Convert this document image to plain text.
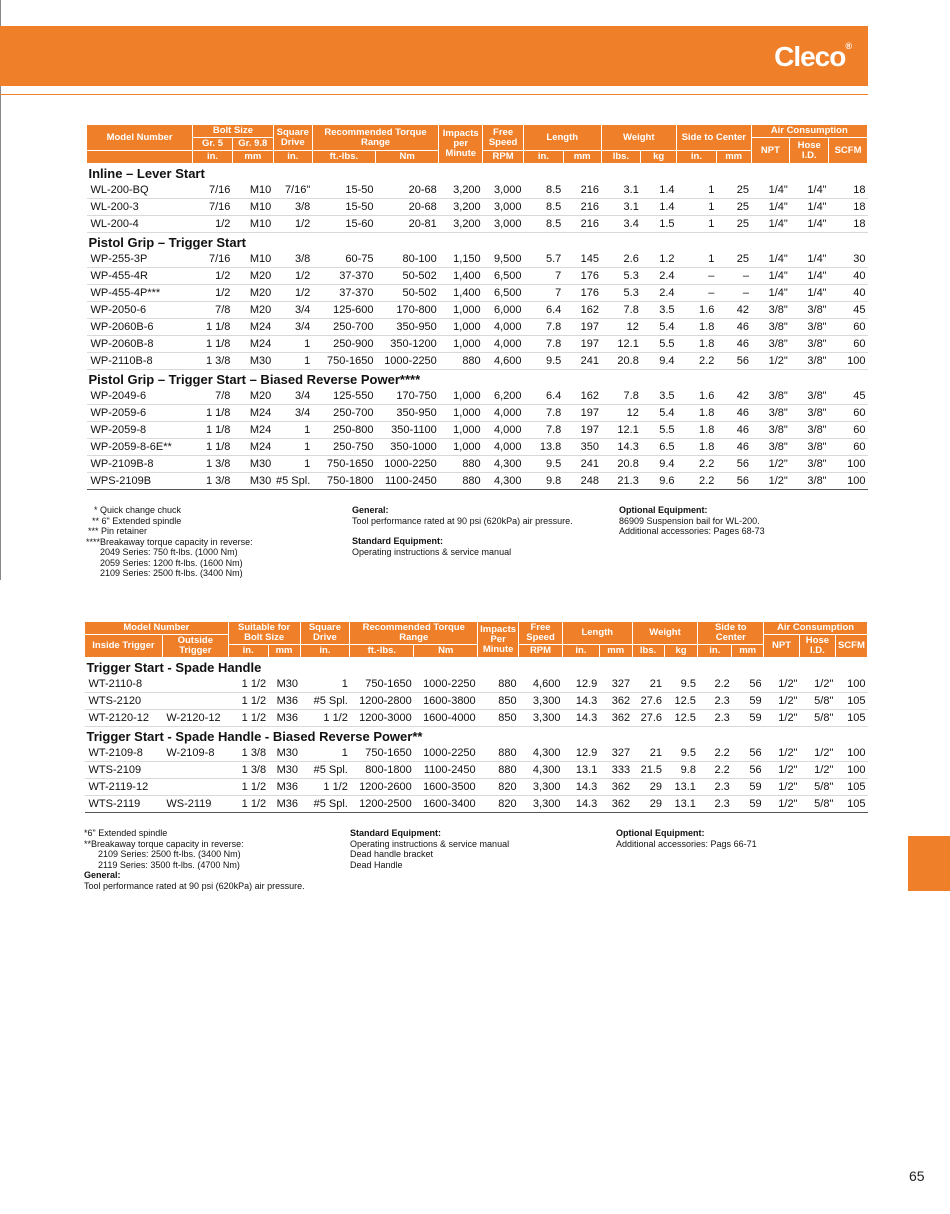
Cleco®
Model Number	Bolt Size		Square Drive	Recommended Torque Range		Impacts per Minute	Free Speed	Length		Weight		Side to Center		Air Consumption		
	Gr. 5	Gr. 9.8												NPT	Hose I.D.	SCFM
	in.	mm	in.	ft.-lbs.	Nm		RPM	in.	mm	lbs.	kg	in.	mm			
Inline – Lever Start																
WL-200-BQ	7/16	M10	7/16"	15-50	20-68	3,200	3,000	8.5	216	3.1	1.4	1	25	1/4"	1/4"	18
WL-200-3	7/16	M10	3/8	15-50	20-68	3,200	3,000	8.5	216	3.1	1.4	1	25	1/4"	1/4"	18
WL-200-4	1/2	M10	1/2	15-60	20-81	3,200	3,000	8.5	216	3.4	1.5	1	25	1/4"	1/4"	18
Pistol Grip – Trigger Start																
WP-255-3P	7/16	M10	3/8	60-75	80-100	1,150	9,500	5.7	145	2.6	1.2	1	25	1/4"	1/4"	30
WP-455-4R	1/2	M20	1/2	37-370	50-502	1,400	6,500	7	176	5.3	2.4	–	–	1/4"	1/4"	40
WP-455-4P***	1/2	M20	1/2	37-370	50-502	1,400	6,500	7	176	5.3	2.4	–	–	1/4"	1/4"	40
WP-2050-6	7/8	M20	3/4	125-600	170-800	1,000	6,000	6.4	162	7.8	3.5	1.6	42	3/8"	3/8"	45
WP-2060B-6	1 1/8	M24	3/4	250-700	350-950	1,000	4,000	7.8	197	12	5.4	1.8	46	3/8"	3/8"	60
WP-2060B-8	1 1/8	M24	1	250-900	350-1200	1,000	4,000	7.8	197	12.1	5.5	1.8	46	3/8"	3/8"	60
WP-2110B-8	1 3/8	M30	1	750-1650	1000-2250	880	4,600	9.5	241	20.8	9.4	2.2	56	1/2"	3/8"	100
Pistol Grip – Trigger Start – Biased Reverse Power****																
WP-2049-6	7/8	M20	3/4	125-550	170-750	1,000	6,200	6.4	162	7.8	3.5	1.6	42	3/8"	3/8"	45
WP-2059-6	1 1/8	M24	3/4	250-700	350-950	1,000	4,000	7.8	197	12	5.4	1.8	46	3/8"	3/8"	60
WP-2059-8	1 1/8	M24	1	250-800	350-1100	1,000	4,000	7.8	197	12.1	5.5	1.8	46	3/8"	3/8"	60
WP-2059-8-6E**	1 1/8	M24	1	250-750	350-1000	1,000	4,000	13.8	350	14.3	6.5	1.8	46	3/8"	3/8"	60
WP-2109B-8	1 3/8	M30	1	750-1650	1000-2250	880	4,300	9.5	241	20.8	9.4	2.2	56	1/2"	3/8"	100
WPS-2109B	1 3/8	M30	#5 Spl.	750-1800	1100-2450	880	4,300	9.8	248	21.3	9.6	2.2	56	1/2"	3/8"	100
* Quick change chuck
** 6" Extended spindle
*** Pin retainer
****Breakaway torque capacity in reverse:
2049 Series: 750 ft-lbs. (1000 Nm)
2059 Series: 1200 ft-lbs. (1600 Nm)
2109 Series: 2500 ft-lbs. (3400 Nm)
General:
Tool performance rated at 90 psi (620kPa) air pressure.
Standard Equipment:
Operating instructions & service manual
Optional Equipment:
86909 Suspension bail for WL-200.
Additional accessories: Pages 68-73
Model Number		Suitable for Bolt Size		Square Drive	Recommended Torque Range		Impacts Per Minute	Free Speed	Length		Weight		Side to Center		Air Consumption		
Inside Trigger	Outside Trigger														NPT	Hose I.D.	SCFM
		in.	mm	in.	ft.-lbs.	Nm		RPM	in.	mm	lbs.	kg	in.	mm			
Trigger Start - Spade Handle																	
WT-2110-8		1 1/2	M30	1	750-1650	1000-2250	880	4,600	12.9	327	21	9.5	2.2	56	1/2"	1/2"	100
WTS-2120		1 1/2	M36	#5 Spl.	1200-2800	1600-3800	850	3,300	14.3	362	27.6	12.5	2.3	59	1/2"	5/8"	105
WT-2120-12	W-2120-12	1 1/2	M36	1 1/2	1200-3000	1600-4000	850	3,300	14.3	362	27.6	12.5	2.3	59	1/2"	5/8"	105
Trigger Start - Spade Handle - Biased Reverse Power**																	
WT-2109-8	W-2109-8	1 3/8	M30	1	750-1650	1000-2250	880	4,300	12.9	327	21	9.5	2.2	56	1/2"	1/2"	100
WTS-2109		1 3/8	M30	#5 Spl.	800-1800	1100-2450	880	4,300	13.1	333	21.5	9.8	2.2	56	1/2"	1/2"	100
WT-2119-12		1 1/2	M36	1 1/2	1200-2600	1600-3500	820	3,300	14.3	362	29	13.1	2.3	59	1/2"	5/8"	105
WTS-2119	WS-2119	1 1/2	M36	#5 Spl.	1200-2500	1600-3400	820	3,300	14.3	362	29	13.1	2.3	59	1/2"	5/8"	105
*6" Extended spindle
**Breakaway torque capacity in reverse:
2109 Series: 2500 ft-lbs. (3400 Nm)
2119 Series: 3500 ft-lbs. (4700 Nm)
General:
Tool performance rated at 90 psi (620kPa) air pressure.
Standard Equipment:
Operating instructions & service manual
Dead handle bracket
Dead Handle
Optional Equipment:
Additional accessories: Pags 66-71
65
